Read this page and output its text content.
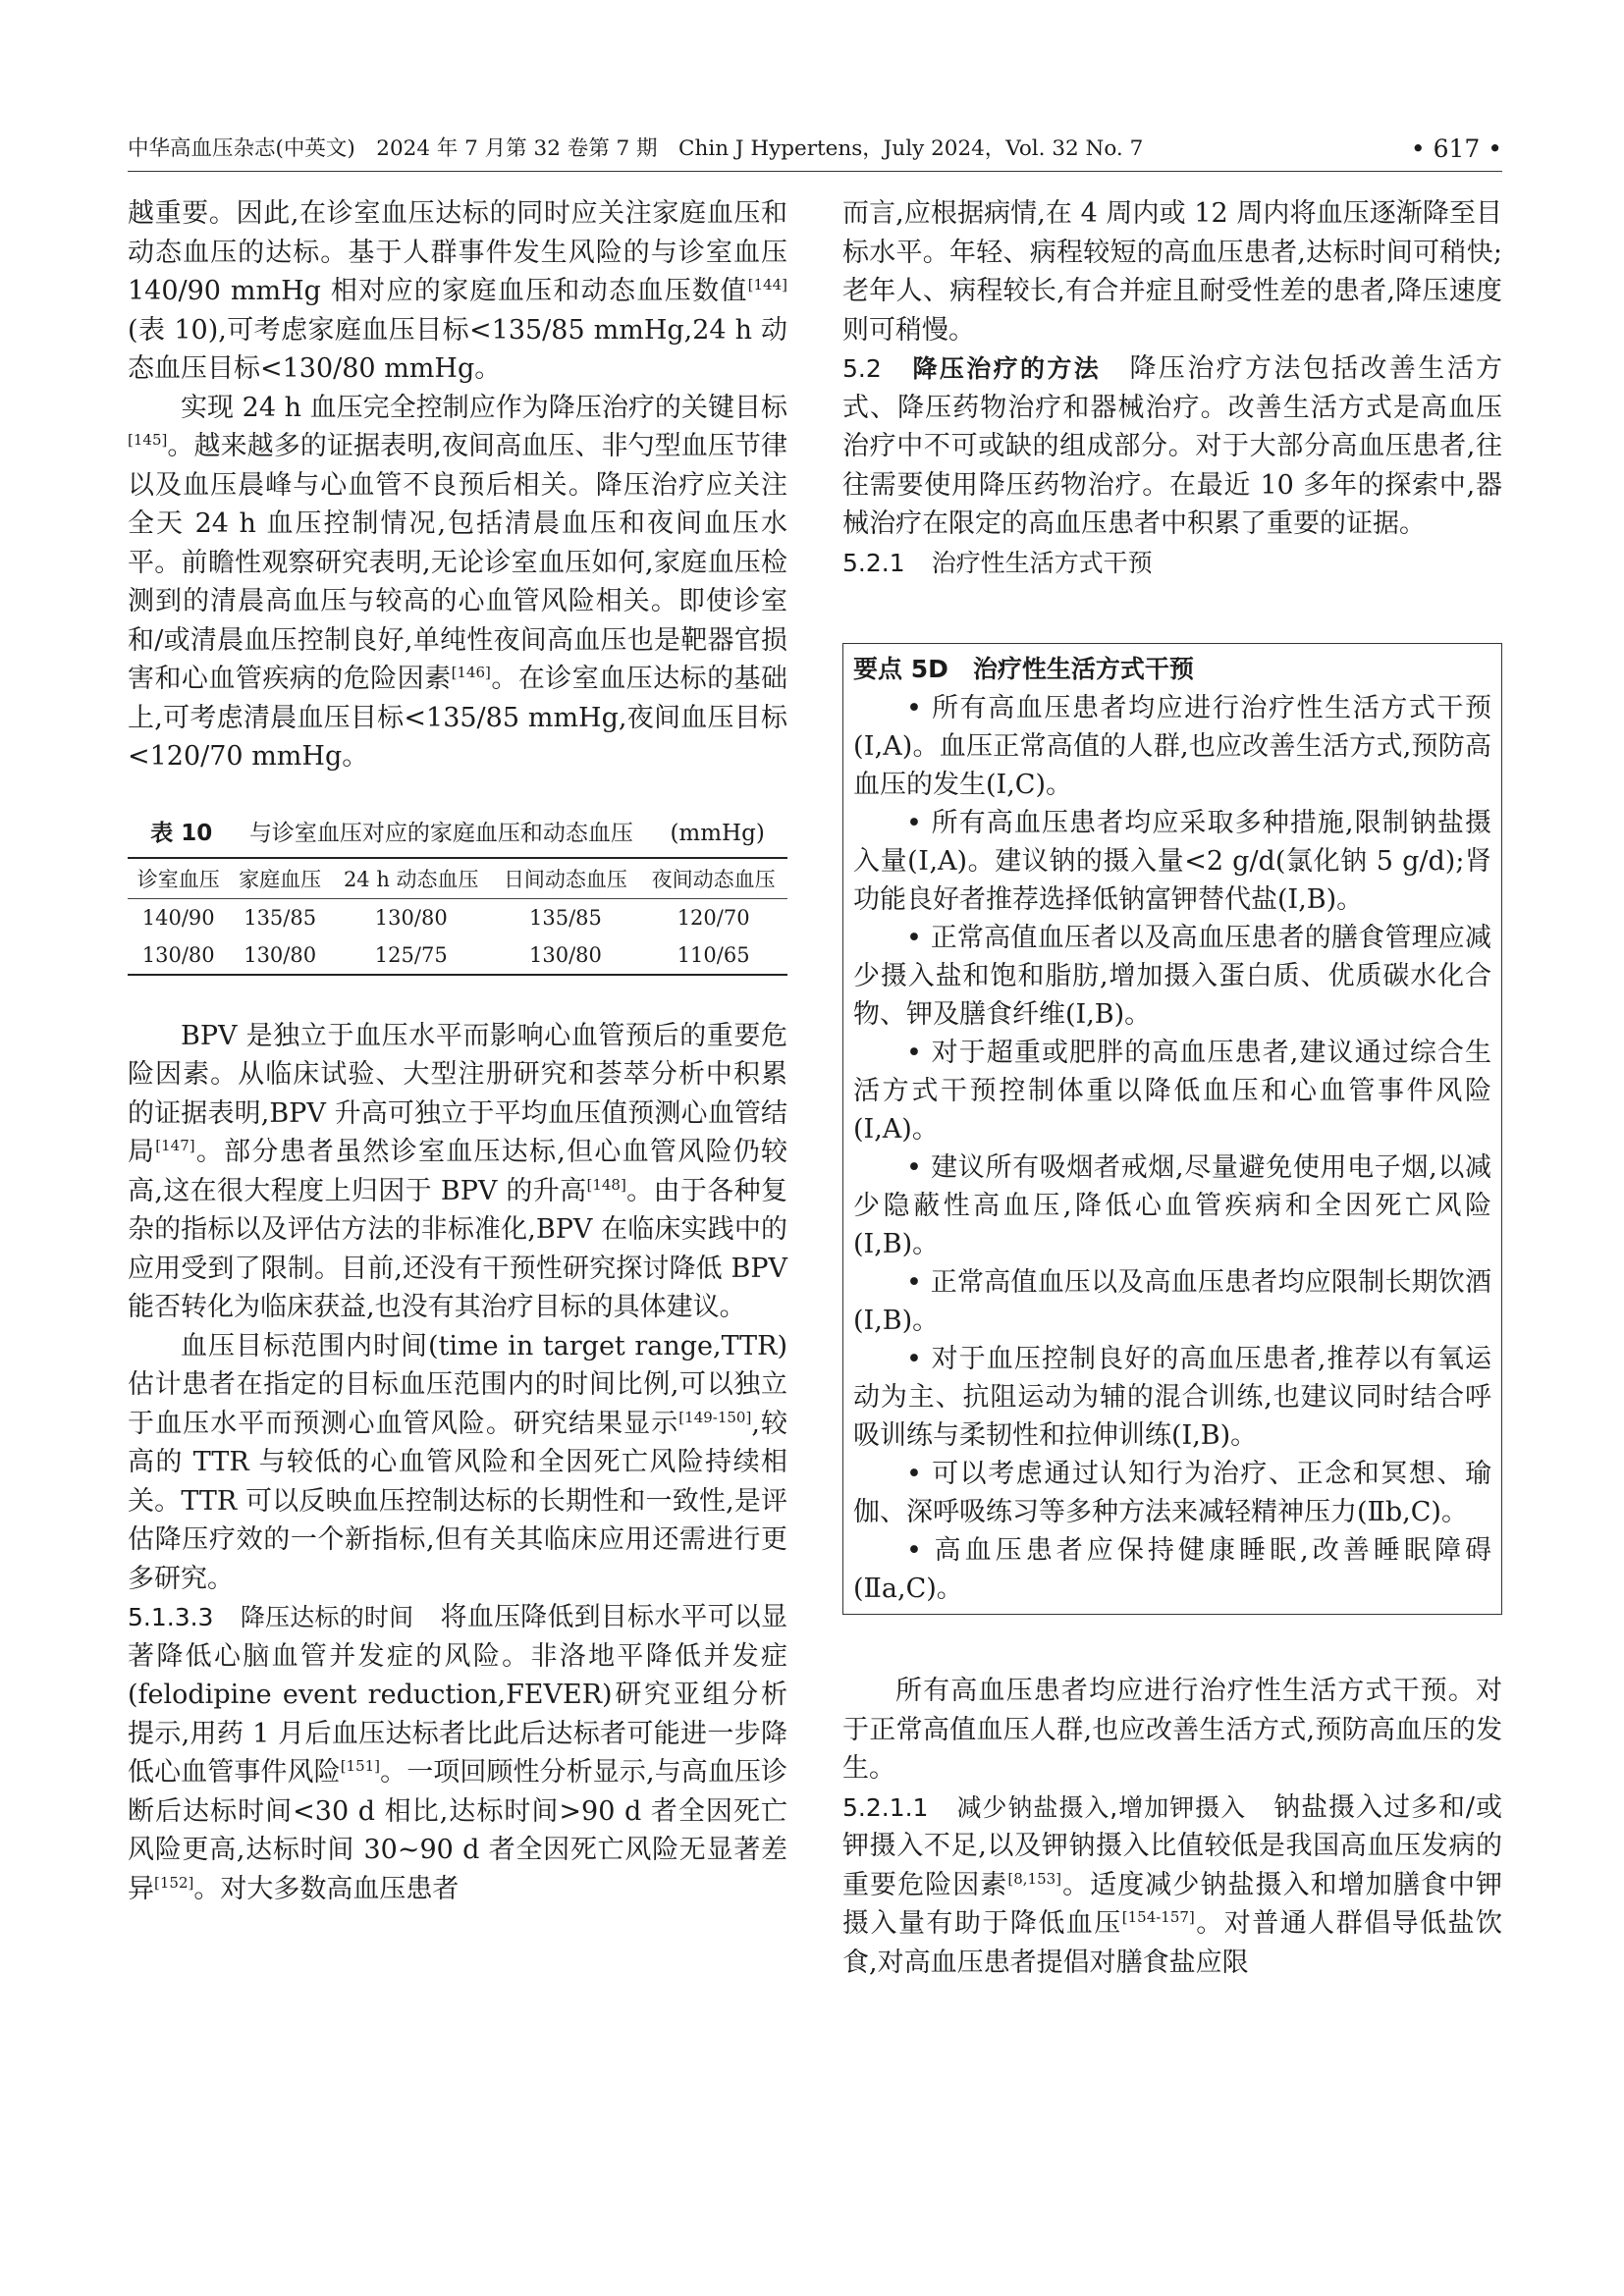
中华高血压杂志(中英文)　2024 年 7 月第 32 卷第 7 期　Chin J Hypertens，July 2024，Vol. 32 No. 7	• 617 •

越重要。因此,在诊室血压达标的同时应关注家庭血压和动态血压的达标。基于人群事件发生风险的与诊室血压 140/90 mmHg 相对应的家庭血压和动态血压数值[144](表 10),可考虑家庭血压目标<135/85 mmHg,24 h 动态血压目标<130/80 mmHg。

实现 24 h 血压完全控制应作为降压治疗的关键目标[145]。越来越多的证据表明,夜间高血压、非勺型血压节律以及血压晨峰与心血管不良预后相关。降压治疗应关注全天 24 h 血压控制情况,包括清晨血压和夜间血压水平。前瞻性观察研究表明,无论诊室血压如何,家庭血压检测到的清晨高血压与较高的心血管风险相关。即使诊室和/或清晨血压控制良好,单纯性夜间高血压也是靶器官损害和心血管疾病的危险因素[146]。在诊室血压达标的基础上,可考虑清晨血压目标<135/85 mmHg,夜间血压目标<120/70 mmHg。

表 10 　 与诊室血压对应的家庭血压和动态血压 　 (mmHg)
诊室血压	家庭血压	24 h 动态血压	日间动态血压	夜间动态血压
140/90	135/85	130/80	135/85	120/70
130/80	130/80	125/75	130/80	110/65

BPV 是独立于血压水平而影响心血管预后的重要危险因素。从临床试验、大型注册研究和荟萃分析中积累的证据表明,BPV 升高可独立于平均血压值预测心血管结局[147]。部分患者虽然诊室血压达标,但心血管风险仍较高,这在很大程度上归因于 BPV 的升高[148]。由于各种复杂的指标以及评估方法的非标准化,BPV 在临床实践中的应用受到了限制。目前,还没有干预性研究探讨降低 BPV 能否转化为临床获益,也没有其治疗目标的具体建议。

血压目标范围内时间(time in target range,TTR)估计患者在指定的目标血压范围内的时间比例,可以独立于血压水平而预测心血管风险。研究结果显示[149-150],较高的 TTR 与较低的心血管风险和全因死亡风险持续相关。TTR 可以反映血压控制达标的长期性和一致性,是评估降压疗效的一个新指标,但有关其临床应用还需进行更多研究。

5.1.3.3　 降压达标的时间　 将血压降低到目标水平可以显著降低心脑血管并发症的风险。非洛地平降低并发症(felodipine event reduction,FEVER)研究亚组分析提示,用药 1 月后血压达标者比此后达标者可能进一步降低心血管事件风险[151]。一项回顾性分析显示,与高血压诊断后达标时间<30 d 相比,达标时间>90 d 者全因死亡风险更高,达标时间 30~90 d 者全因死亡风险无显著差异[152]。对大多数高血压患者

而言,应根据病情,在 4 周内或 12 周内将血压逐渐降至目标水平。年轻、病程较短的高血压患者,达标时间可稍快;老年人、病程较长,有合并症且耐受性差的患者,降压速度则可稍慢。

5.2　 降压治疗的方法　 降压治疗方法包括改善生活方式、降压药物治疗和器械治疗。改善生活方式是高血压治疗中不可或缺的组成部分。对于大部分高血压患者,往往需要使用降压药物治疗。在最近 10 多年的探索中,器械治疗在限定的高血压患者中积累了重要的证据。

5.2.1　 治疗性生活方式干预

要点 5D　治疗性生活方式干预

• 所有高血压患者均应进行治疗性生活方式干预(Ⅰ,A)。血压正常高值的人群,也应改善生活方式,预防高血压的发生(Ⅰ,C)。

• 所有高血压患者均应采取多种措施,限制钠盐摄入量(Ⅰ,A)。建议钠的摄入量<2 g/d(氯化钠 5 g/d);肾功能良好者推荐选择低钠富钾替代盐(Ⅰ,B)。

• 正常高值血压者以及高血压患者的膳食管理应减少摄入盐和饱和脂肪,增加摄入蛋白质、优质碳水化合物、钾及膳食纤维(Ⅰ,B)。

• 对于超重或肥胖的高血压患者,建议通过综合生活方式干预控制体重以降低血压和心血管事件风险(Ⅰ,A)。

• 建议所有吸烟者戒烟,尽量避免使用电子烟,以减少隐蔽性高血压,降低心血管疾病和全因死亡风险(Ⅰ,B)。

• 正常高值血压以及高血压患者均应限制长期饮酒(Ⅰ,B)。

• 对于血压控制良好的高血压患者,推荐以有氧运动为主、抗阻运动为辅的混合训练,也建议同时结合呼吸训练与柔韧性和拉伸训练(Ⅰ,B)。

• 可以考虑通过认知行为治疗、正念和冥想、瑜伽、深呼吸练习等多种方法来减轻精神压力(Ⅱb,C)。

• 高血压患者应保持健康睡眠,改善睡眠障碍(Ⅱa,C)。

所有高血压患者均应进行治疗性生活方式干预。对于正常高值血压人群,也应改善生活方式,预防高血压的发生。

5.2.1.1　 减少钠盐摄入,增加钾摄入　 钠盐摄入过多和/或钾摄入不足,以及钾钠摄入比值较低是我国高血压发病的重要危险因素[8,153]。适度减少钠盐摄入和增加膳食中钾摄入量有助于降低血压[154-157]。对普通人群倡导低盐饮食,对高血压患者提倡对膳食盐应限
